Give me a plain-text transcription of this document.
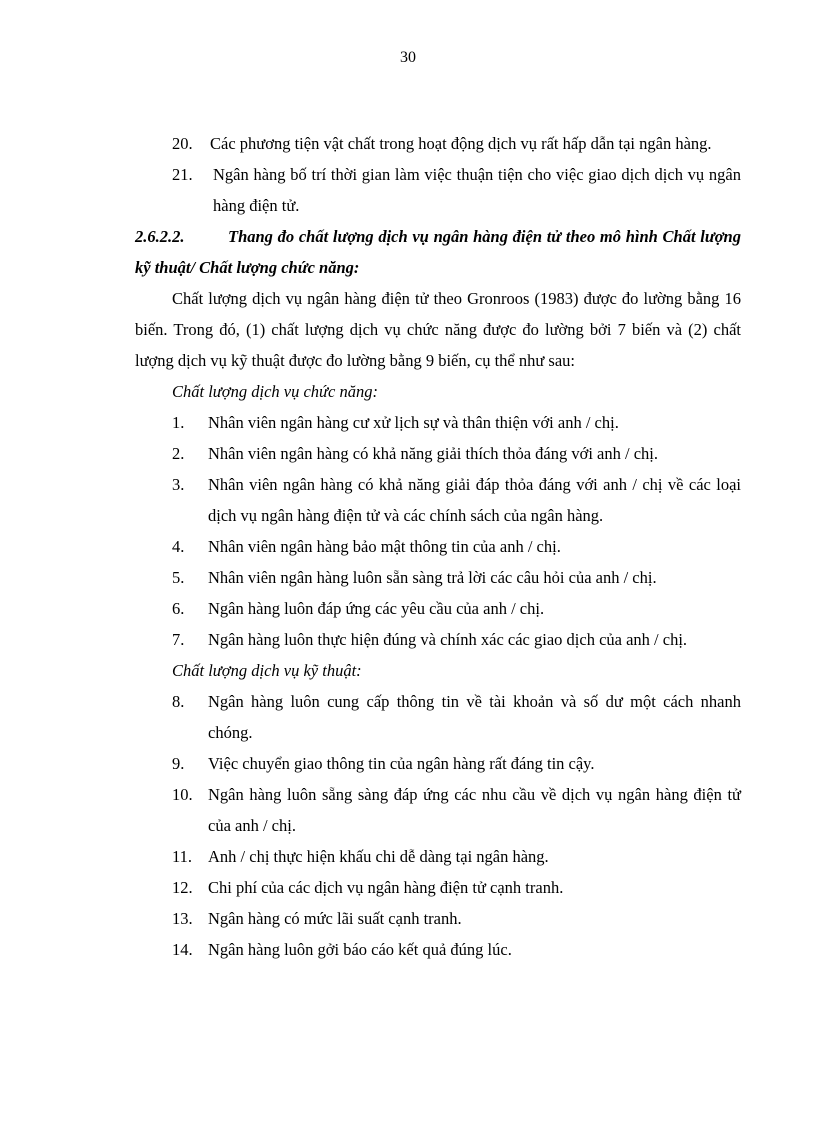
30
20.	Các phương tiện vật chất trong hoạt động dịch vụ rất hấp dẫn tại ngân hàng.
21.	Ngân hàng bố trí thời gian làm việc thuận tiện cho việc giao dịch dịch vụ ngân hàng điện tử.
2.6.2.2.	Thang đo chất lượng dịch vụ ngân hàng điện tử theo mô hình Chất lượng kỹ thuật/ Chất lượng chức năng:
Chất lượng dịch vụ ngân hàng điện tử theo Gronroos (1983) được đo lường bằng 16 biến. Trong đó, (1) chất lượng dịch vụ chức năng được đo lường bởi 7 biến và (2) chất lượng dịch vụ kỹ thuật được đo lường bằng 9 biến, cụ thể như sau:
Chất lượng dịch vụ chức năng:
1.	Nhân viên ngân hàng cư xử lịch sự và thân thiện với anh / chị.
2.	Nhân viên ngân hàng có khả năng giải thích thỏa đáng với anh / chị.
3.	Nhân viên ngân hàng có khả năng giải đáp thỏa đáng với anh / chị về các loại dịch vụ ngân hàng điện tử và các chính sách của ngân hàng.
4.	Nhân viên ngân hàng bảo mật thông tin của anh / chị.
5.	Nhân viên ngân hàng luôn sẵn sàng trả lời các câu hỏi của anh / chị.
6.	Ngân hàng luôn đáp ứng các yêu cầu của anh / chị.
7.	Ngân hàng luôn thực hiện đúng và chính xác các giao dịch của anh / chị.
Chất lượng dịch vụ kỹ thuật:
8.	Ngân hàng luôn cung cấp thông tin về tài khoản và số dư một cách nhanh chóng.
9.	Việc chuyển giao thông tin của ngân hàng rất đáng tin cậy.
10. Ngân hàng luôn sẵng sàng đáp ứng các nhu cầu về dịch vụ ngân hàng điện tử của anh / chị.
11. Anh / chị thực hiện khấu chi dễ dàng tại ngân hàng.
12. Chi phí của các dịch vụ ngân hàng điện tử cạnh tranh.
13. Ngân hàng có mức lãi suất cạnh tranh.
14. Ngân hàng luôn gởi báo cáo kết quả đúng lúc.
